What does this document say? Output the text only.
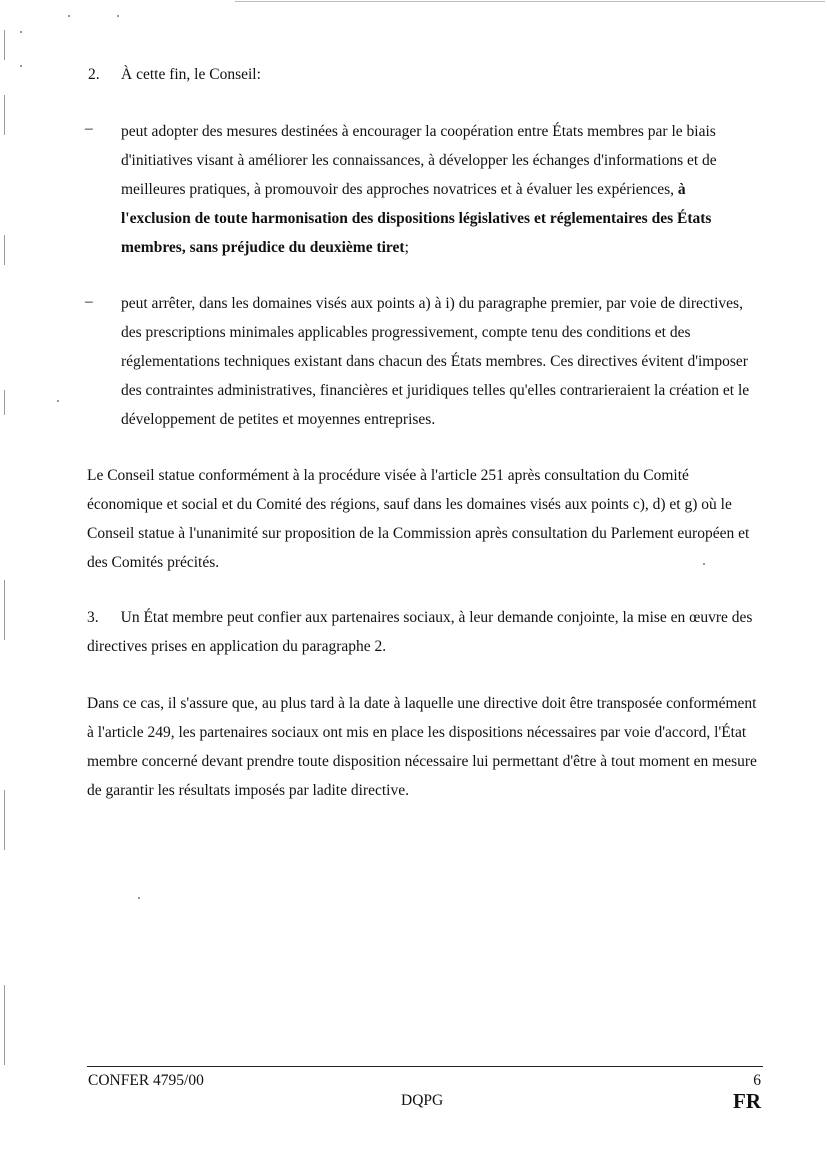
2. À cette fin, le Conseil:
– peut adopter des mesures destinées à encourager la coopération entre États membres par le biais d'initiatives visant à améliorer les connaissances, à développer les échanges d'informations et de meilleures pratiques, à promouvoir des approches novatrices et à évaluer les expériences, à l'exclusion de toute harmonisation des dispositions législatives et réglementaires des États membres, sans préjudice du deuxième tiret;
– peut arrêter, dans les domaines visés aux points a) à i) du paragraphe premier, par voie de directives, des prescriptions minimales applicables progressivement, compte tenu des conditions et des réglementations techniques existant dans chacun des États membres. Ces directives évitent d'imposer des contraintes administratives, financières et juridiques telles qu'elles contrarieraient la création et le développement de petites et moyennes entreprises.
Le Conseil statue conformément à la procédure visée à l'article 251 après consultation du Comité économique et social et du Comité des régions, sauf dans les domaines visés aux points c), d) et g) où le Conseil statue à l'unanimité sur proposition de la Commission après consultation du Parlement européen et des Comités précités.
3. Un État membre peut confier aux partenaires sociaux, à leur demande conjointe, la mise en œuvre des directives prises en application du paragraphe 2.
Dans ce cas, il s'assure que, au plus tard à la date à laquelle une directive doit être transposée conformément à l'article 249, les partenaires sociaux ont mis en place les dispositions nécessaires par voie d'accord, l'État membre concerné devant prendre toute disposition nécessaire lui permettant d'être à tout moment en mesure de garantir les résultats imposés par ladite directive.
CONFER 4795/00
DQPG
6
FR
